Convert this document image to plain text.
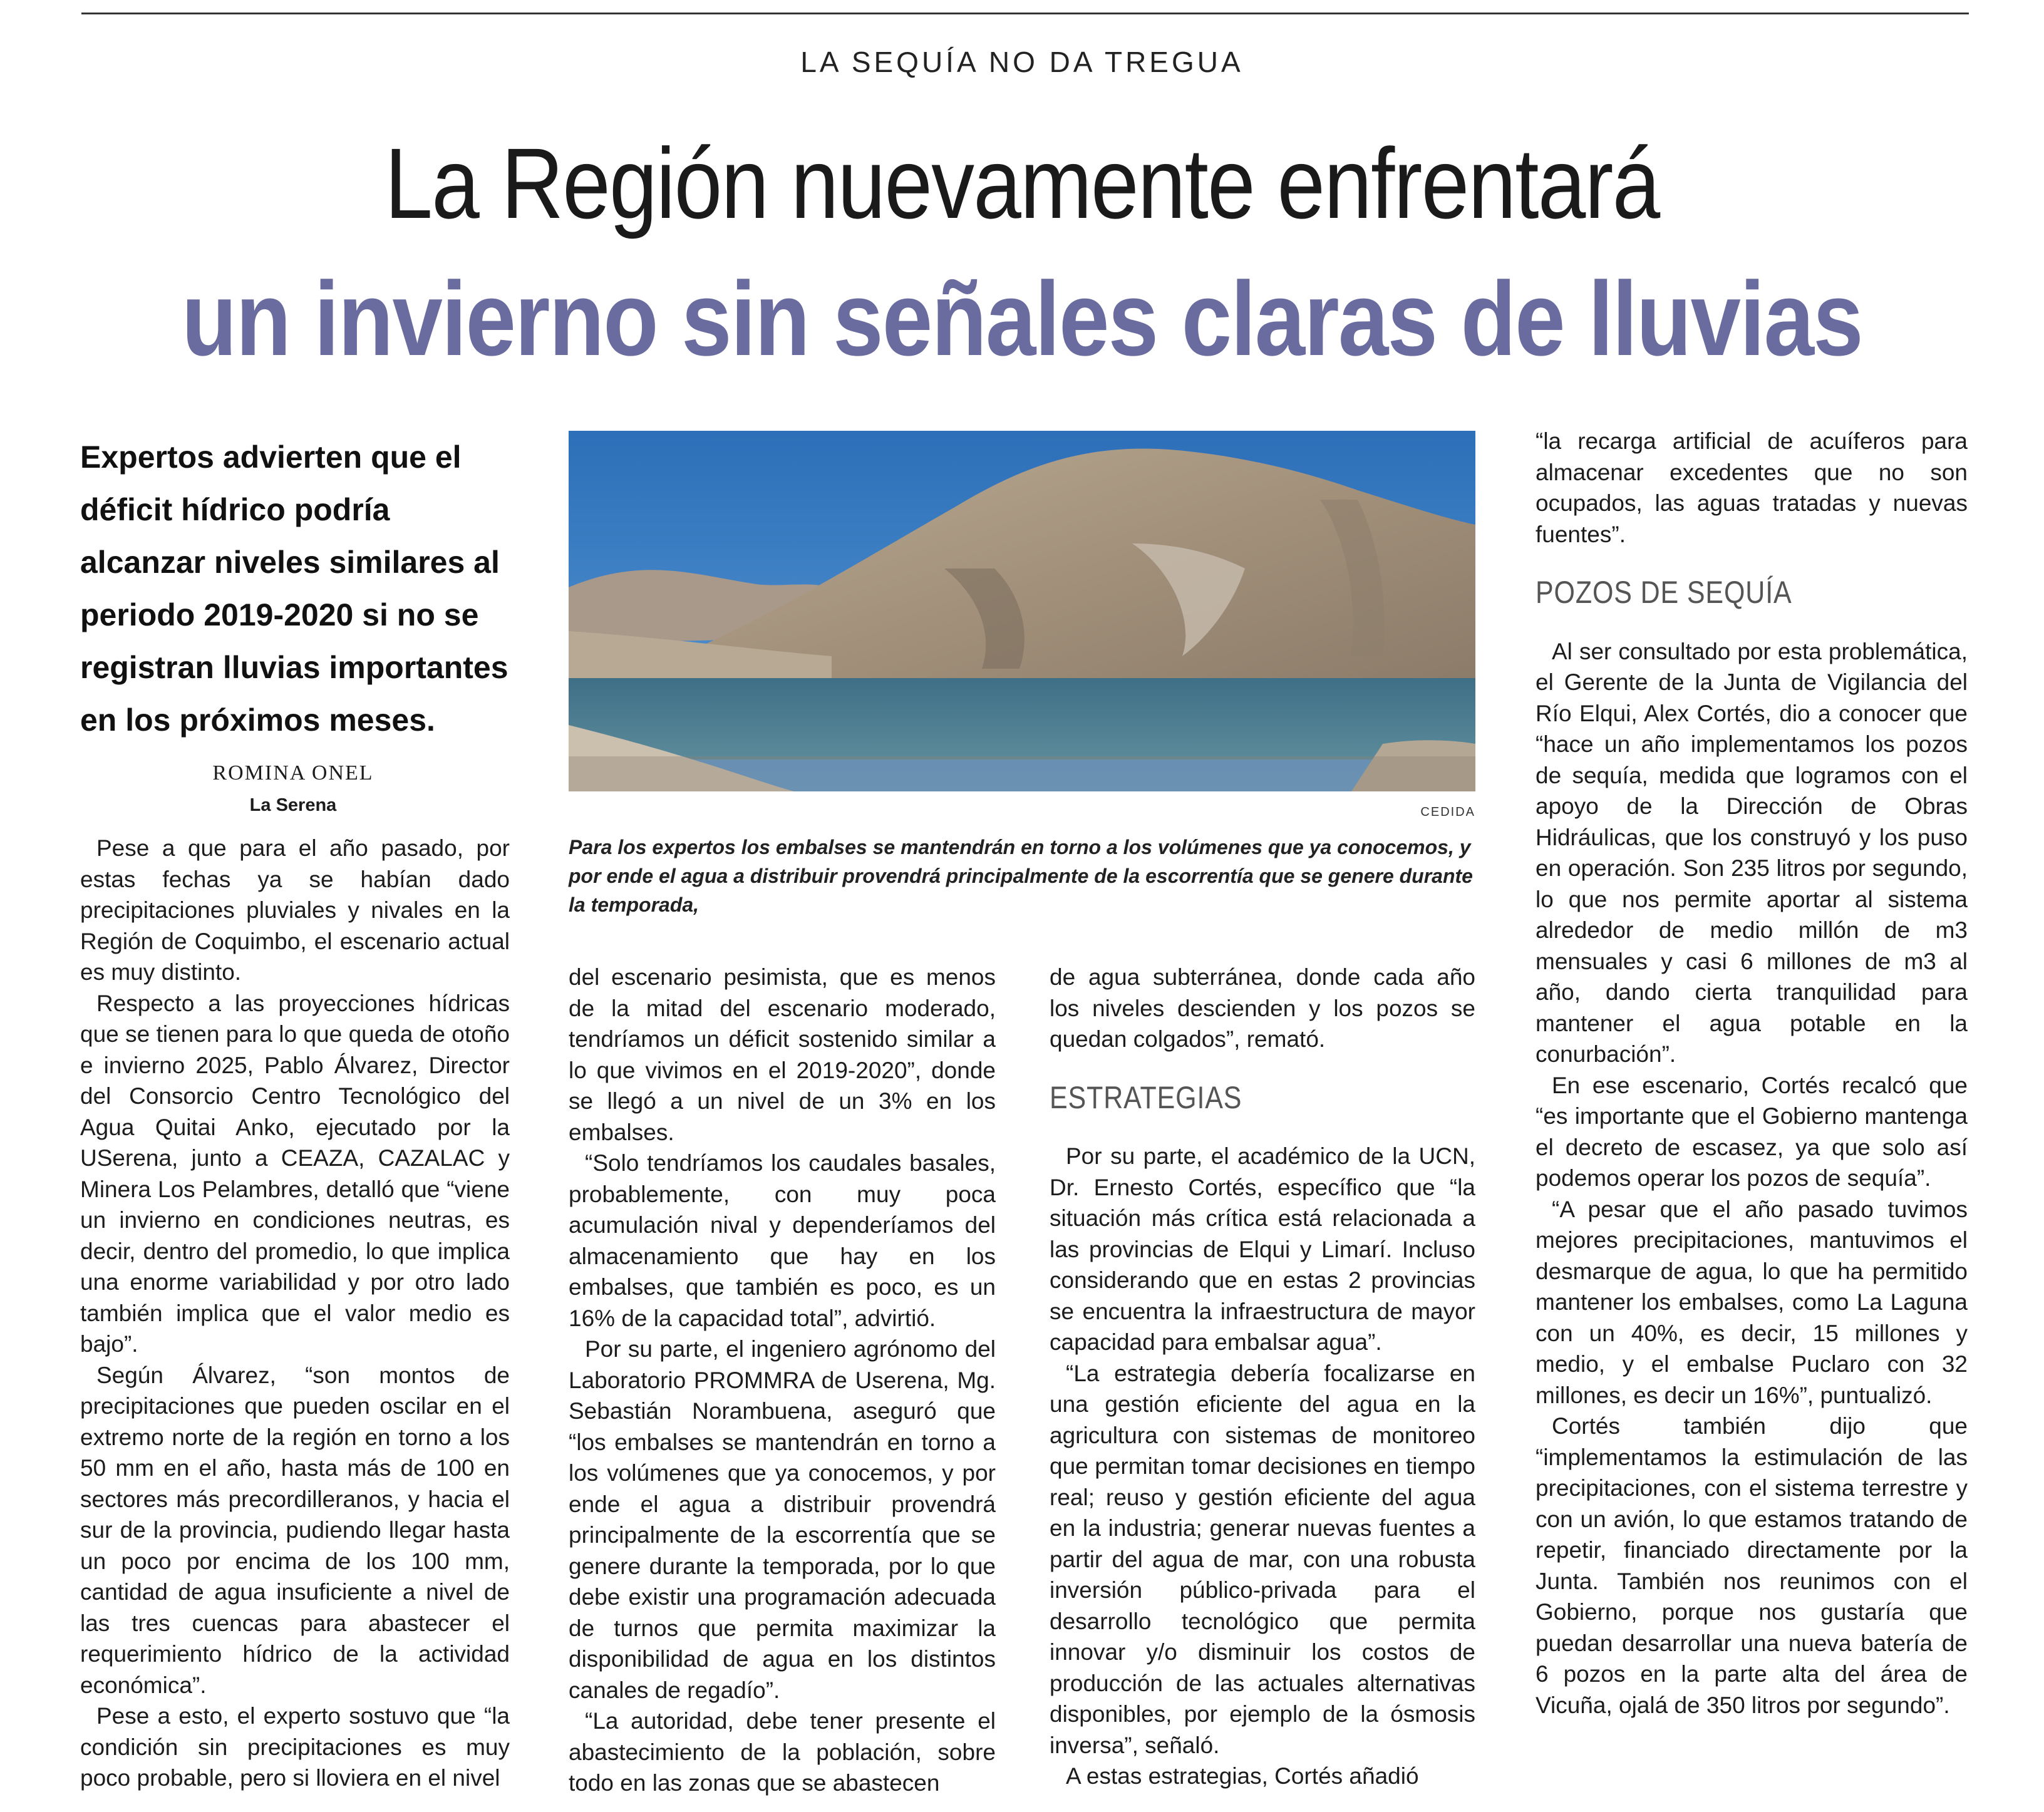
LA SEQUÍA NO DA TREGUA
La Región nuevamente enfrentará
un invierno sin señales claras de lluvias
Expertos advierten que el déficit hídrico podría alcanzar niveles similares al periodo 2019-2020 si no se registran lluvias importantes en los próximos meses.
ROMINA ONEL
La Serena	CEDIDA
Para los expertos los embalses se mantendrán en torno a los volúmenes que ya conocemos, y por ende el agua a distribuir provendrá principalmente de la escorrentía que se genere durante la temporada,

Pese a que para el año pasado, por estas fechas ya se habían dado precipitaciones pluviales y nivales en la Región de Coquimbo, el escenario actual es muy distinto.

Respecto a las proyecciones hídricas que se tienen para lo que queda de otoño e invierno 2025, Pablo Álvarez, Director del Consorcio Centro Tecnológico del Agua Quitai Anko, ejecutado por la USerena, junto a CEAZA, CAZALAC y Minera Los Pelambres, detalló que “viene un invierno en condiciones neutras, es decir, dentro del promedio, lo que implica una enorme variabilidad y por otro lado también implica que el valor medio es bajo”.

Según Álvarez, “son montos de precipitaciones que pueden oscilar en el extremo norte de la región en torno a los 50 mm en el año, hasta más de 100 en sectores más precordilleranos, y hacia el sur de la provincia, pudiendo llegar hasta un poco por encima de los 100 mm, cantidad de agua insuficiente a nivel de las tres cuencas para abastecer el requerimiento hídrico de la actividad económica”.

Pese a esto, el experto sostuvo que “la condición sin precipitaciones es muy poco probable, pero si lloviera en el nivel

del escenario pesimista, que es menos de la mitad del escenario moderado, tendríamos un déficit sostenido similar a lo que vivimos en el 2019-2020”, donde se llegó a un nivel de un 3% en los embalses.

“Solo tendríamos los caudales basales, probablemente, con muy poca acumulación nival y dependeríamos del almacenamiento que hay en los embalses, que también es poco, es un 16% de la capacidad total”, advirtió.

Por su parte, el ingeniero agrónomo del Laboratorio PROMMRA de Userena, Mg. Sebastián Norambuena, aseguró que “los embalses se mantendrán en torno a los volúmenes que ya conocemos, y por ende el agua a distribuir provendrá principalmente de la escorrentía que se genere durante la temporada, por lo que debe existir una programación adecuada de turnos que permita maximizar la disponibilidad de agua en los distintos canales de regadío”.

“La autoridad, debe tener presente el abastecimiento de la población, sobre todo en las zonas que se abastecen

de agua subterránea, donde cada año los niveles descienden y los pozos se quedan colgados”, remató.

ESTRATEGIAS

Por su parte, el académico de la UCN, Dr. Ernesto Cortés, específico que “la situación más crítica está relacionada a las provincias de Elqui y Limarí. Incluso considerando que en estas 2 provincias se encuentra la infraestructura de mayor capacidad para embalsar agua”.

“La estrategia debería focalizarse en una gestión eficiente del agua en la agricultura con sistemas de monitoreo que permitan tomar decisiones en tiempo real; reuso y gestión eficiente del agua en la industria; generar nuevas fuentes a partir del agua de mar, con una robusta inversión público-privada para el desarrollo tecnológico que permita innovar y/o disminuir los costos de producción de las actuales alternativas disponibles, por ejemplo de la ósmosis inversa”, señaló.

A estas estrategias, Cortés añadió

“la recarga artificial de acuíferos para almacenar excedentes que no son ocupados, las aguas tratadas y nuevas fuentes”.

POZOS DE SEQUÍA

Al ser consultado por esta problemática, el Gerente de la Junta de Vigilancia del Río Elqui, Alex Cortés, dio a conocer que “hace un año implementamos los pozos de sequía, medida que logramos con el apoyo de la Dirección de Obras Hidráulicas, que los construyó y los puso en operación. Son 235 litros por segundo, lo que nos permite aportar al sistema alrededor de medio millón de m3 mensuales y casi 6 millones de m3 al año, dando cierta tranquilidad para mantener el agua potable en la conurbación”.

En ese escenario, Cortés recalcó que “es importante que el Gobierno mantenga el decreto de escasez, ya que solo así podemos operar los pozos de sequía”.

“A pesar que el año pasado tuvimos mejores precipitaciones, mantuvimos el desmarque de agua, lo que ha permitido mantener los embalses, como La Laguna con un 40%, es decir, 15 millones y medio, y el embalse Puclaro con 32 millones, es decir un 16%”, puntualizó.

Cortés también dijo que “implementamos la estimulación de las precipitaciones, con el sistema terrestre y con un avión, lo que estamos tratando de repetir, financiado directamente por la Junta. También nos reunimos con el Gobierno, porque nos gustaría que puedan desarrollar una nueva batería de 6 pozos en la parte alta del área de Vicuña, ojalá de 350 litros por segundo”.
